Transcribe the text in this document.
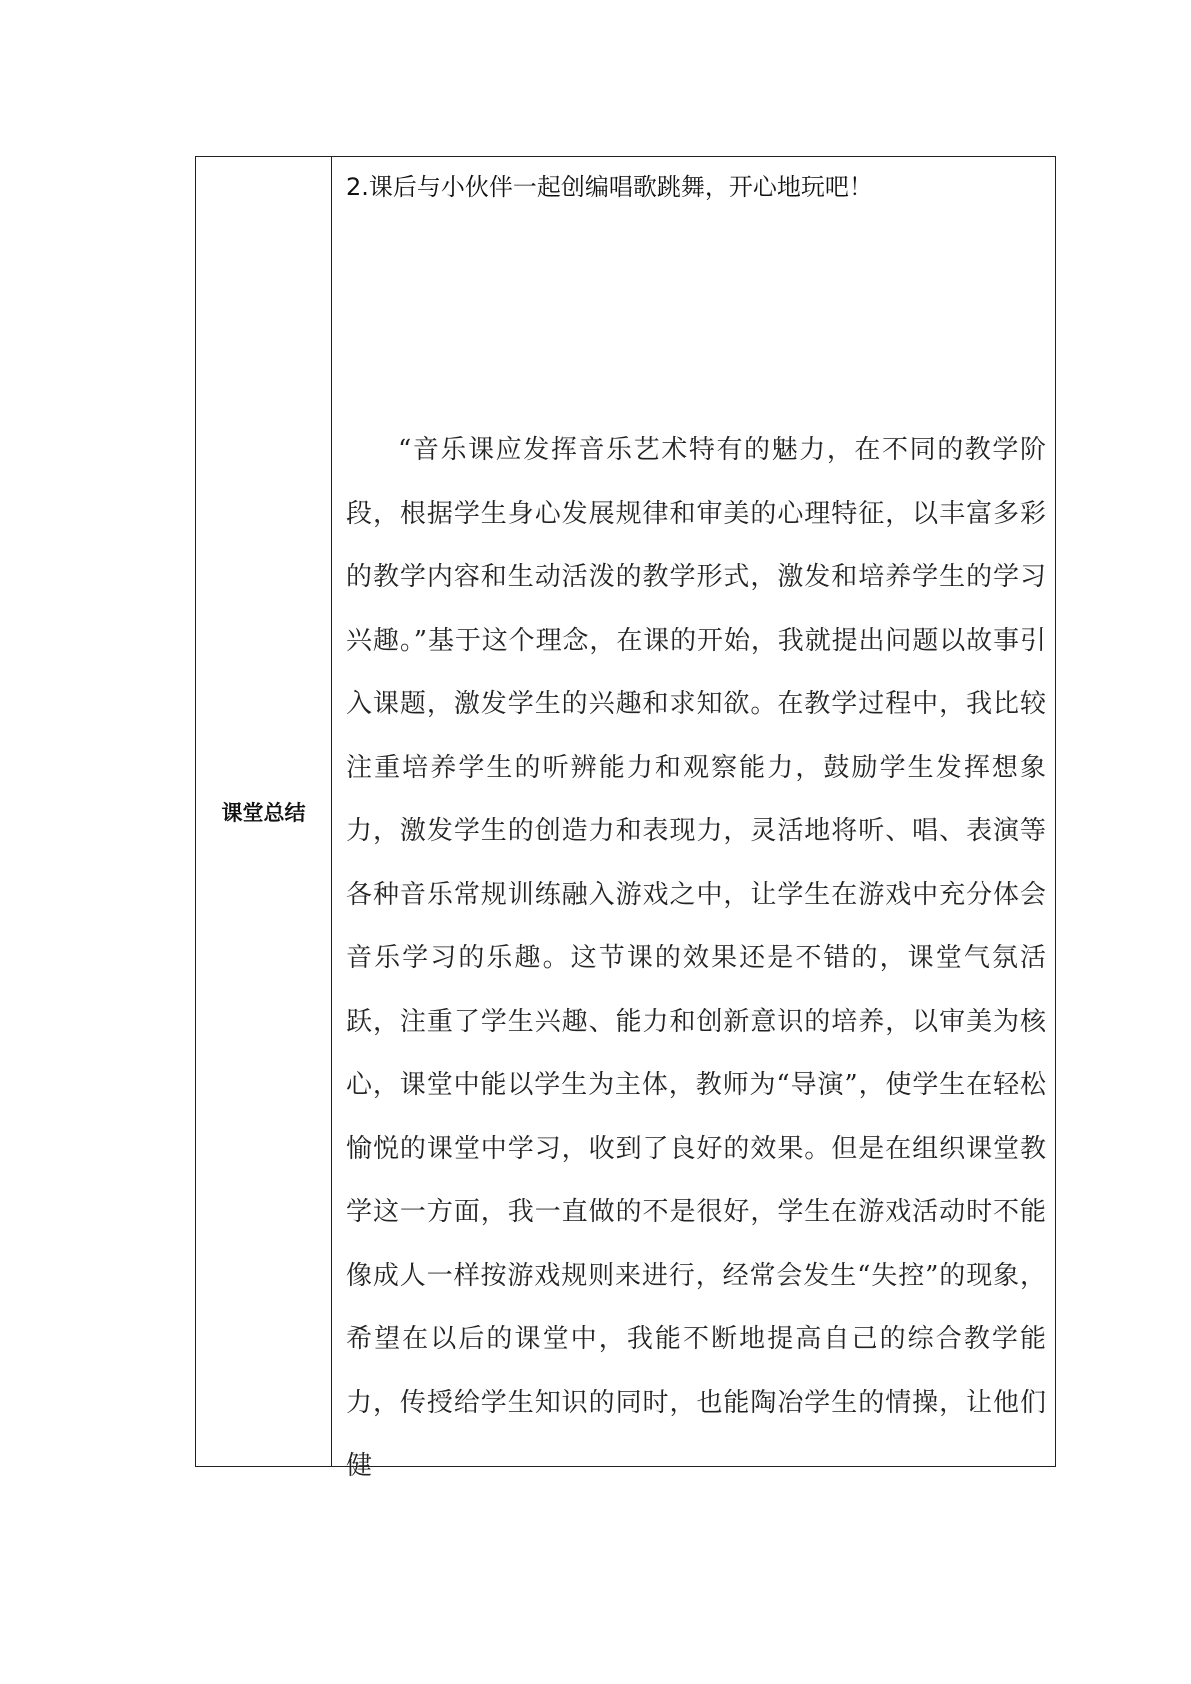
课堂总结	
2.课后与小伙伴一起创编唱歌跳舞，开心地玩吧！

“音乐课应发挥音乐艺术特有的魅力，在不同的教学阶段，根据学生身心发展规律和审美的心理特征，以丰富多彩的教学内容和生动活泼的教学形式，激发和培养学生的学习兴趣。”基于这个理念，在课的开始，我就提出问题以故事引入课题，激发学生的兴趣和求知欲。在教学过程中，我比较注重培养学生的听辨能力和观察能力，鼓励学生发挥想象力，激发学生的创造力和表现力，灵活地将听、唱、表演等各种音乐常规训练融入游戏之中，让学生在游戏中充分体会音乐学习的乐趣。这节课的效果还是不错的，课堂气氛活跃，注重了学生兴趣、能力和创新意识的培养，以审美为核心，课堂中能以学生为主体，教师为“导演”，使学生在轻松愉悦的课堂中学习，收到了良好的效果。但是在组织课堂教学这一方面，我一直做的不是很好，学生在游戏活动时不能像成人一样按游戏规则来进行，经常会发生“失控”的现象，希望在以后的课堂中，我能不断地提高自己的综合教学能力，传授给学生知识的同时，也能陶冶学生的情操，让他们健
